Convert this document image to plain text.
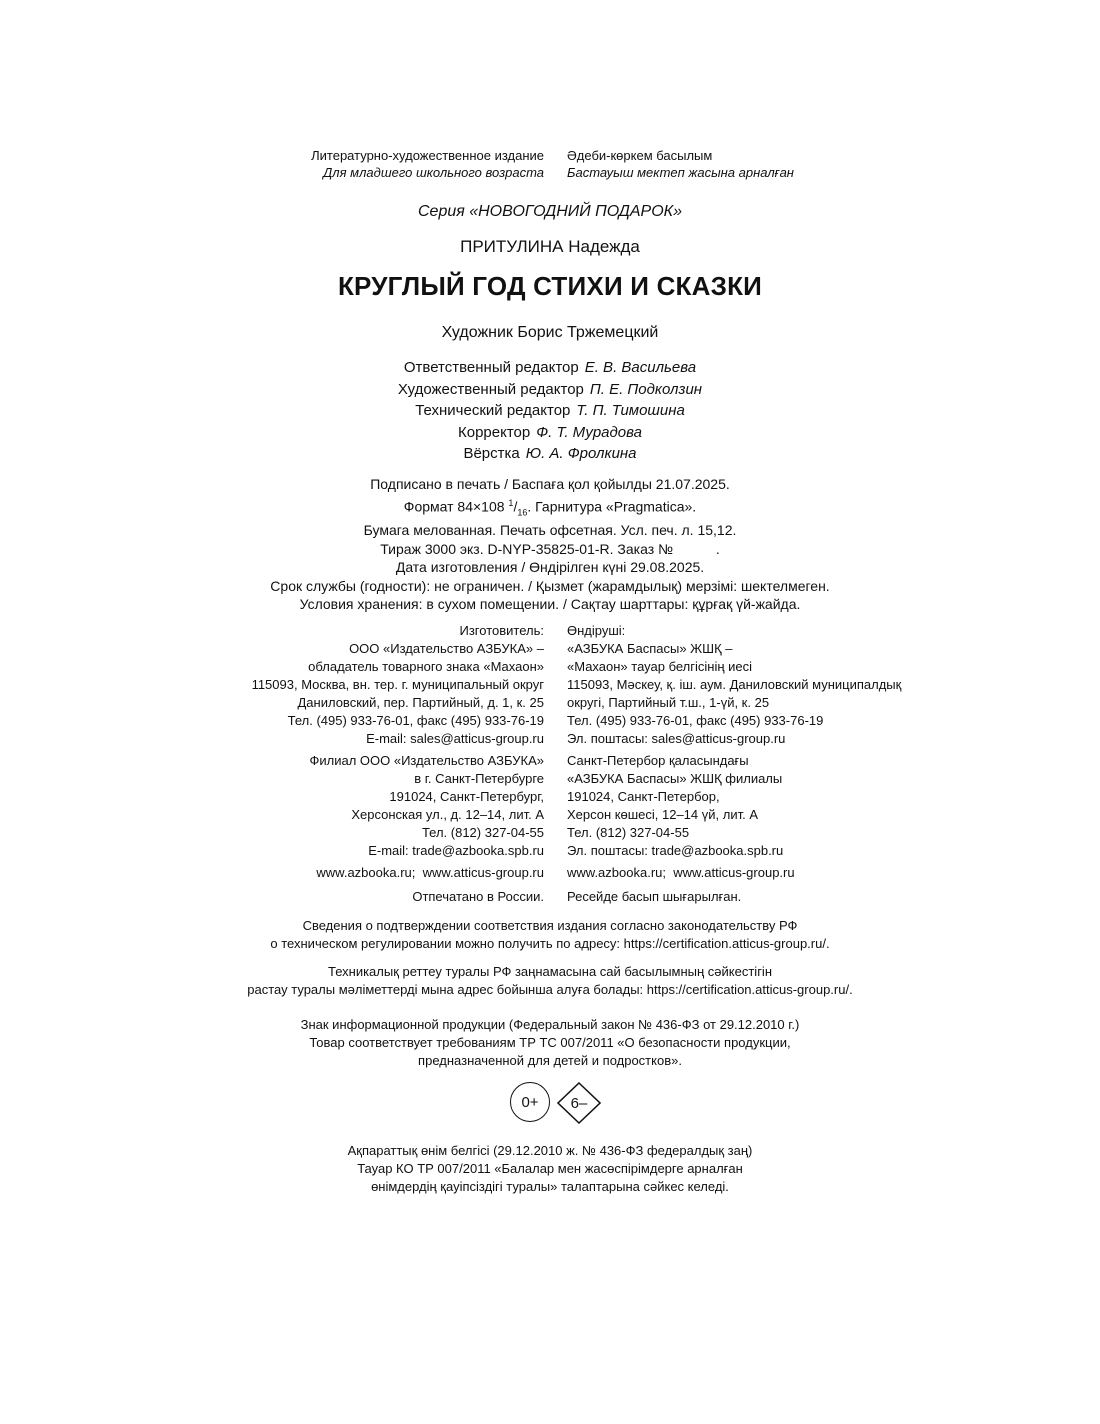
Литературно-художественное издание
Для младшего школьного возраста
Әдеби-көркем басылым
Бастауыш мектеп жасына арналған
Серия «НОВОГОДНИЙ ПОДАРОК»
ПРИТУЛИНА Надежда
КРУГЛЫЙ ГОД СТИХИ И СКАЗКИ
Художник Борис Тржемецкий
Ответственный редактор Е. В. Васильева
Художественный редактор П. Е. Подколзин
Технический редактор Т. П. Тимошина
Корректор Ф. Т. Мурадова
Вёрстка Ю. А. Фролкина
Подписано в печать / Баспаға қол қойылды 21.07.2025.
Формат 84×108 $^1/_{16}$. Гарнитура «Pragmatica».
Бумага мелованная. Печать офсетная. Усл. печ. л. 15,12.
Тираж 3000 экз. D-NYP-35825-01-R. Заказ №           .
Дата изготовления / Өндірілген күні 29.08.2025.
Срок службы (годности): не ограничен. / Қызмет (жарамдылық) мерзімі: шектелмеген.
Условия хранения: в сухом помещении. / Сақтау шарттары: құрғақ үй-жайда.
Изготовитель:
ООО «Издательство АЗБУКА» –
обладатель товарного знака «Махаон»
115093, Москва, вн. тер. г. муниципальный округ
Даниловский, пер. Партийный, д. 1, к. 25
Тел. (495) 933-76-01, факс (495) 933-76-19
E-mail: sales@atticus-group.ru
Өндіруші:
«АЗБУКА Баспасы» ЖШҚ –
«Махаон» тауар белгісінің иесі
115093, Мәскеу, қ. іш. аум. Даниловский муниципалдық
округі, Партийный т.ш., 1-үй, к. 25
Тел. (495) 933-76-01, факс (495) 933-76-19
Эл. поштасы: sales@atticus-group.ru
Филиал ООО «Издательство АЗБУКА»
в г. Санкт-Петербурге
191024, Санкт-Петербург,
Херсонская ул., д. 12–14, лит. А
Тел. (812) 327-04-55
E-mail: trade@azbooka.spb.ru
Санкт-Петербор қаласындағы
«АЗБУКА Баспасы» ЖШҚ филиалы
191024, Санкт-Петербор,
Херсон көшесі, 12–14 үй, лит. А
Тел. (812) 327-04-55
Эл. поштасы: trade@azbooka.spb.ru
www.azbooka.ru;  www.atticus-group.ru www.azbooka.ru;  www.atticus-group.ru
Отпечатано в России. Ресейде басып шығарылған.
Сведения о подтверждении соответствия издания согласно законодательству РФ
о техническом регулировании можно получить по адресу: https://certification.atticus-group.ru/.
Техникалық реттеу туралы РФ заңнамасына сай басылымның сәйкестігін
растау туралы мәліметтерді мына адрес бойынша алуға болады: https://certification.atticus-group.ru/.
Знак информационной продукции (Федеральный закон № 436-ФЗ от 29.12.2010 г.)
Товар соответствует требованиям ТР ТС 007/2011 «О безопасности продукции,
предназначенной для детей и подростков».
0+	6–
Ақпараттық өнім белгісі (29.12.2010 ж. № 436-ФЗ федералдық заң)
Тауар КО ТР 007/2011 «Балалар мен жасөспірімдерге арналған
өнімдердің қауіпсіздігі туралы» талаптарына сәйкес келеді.
